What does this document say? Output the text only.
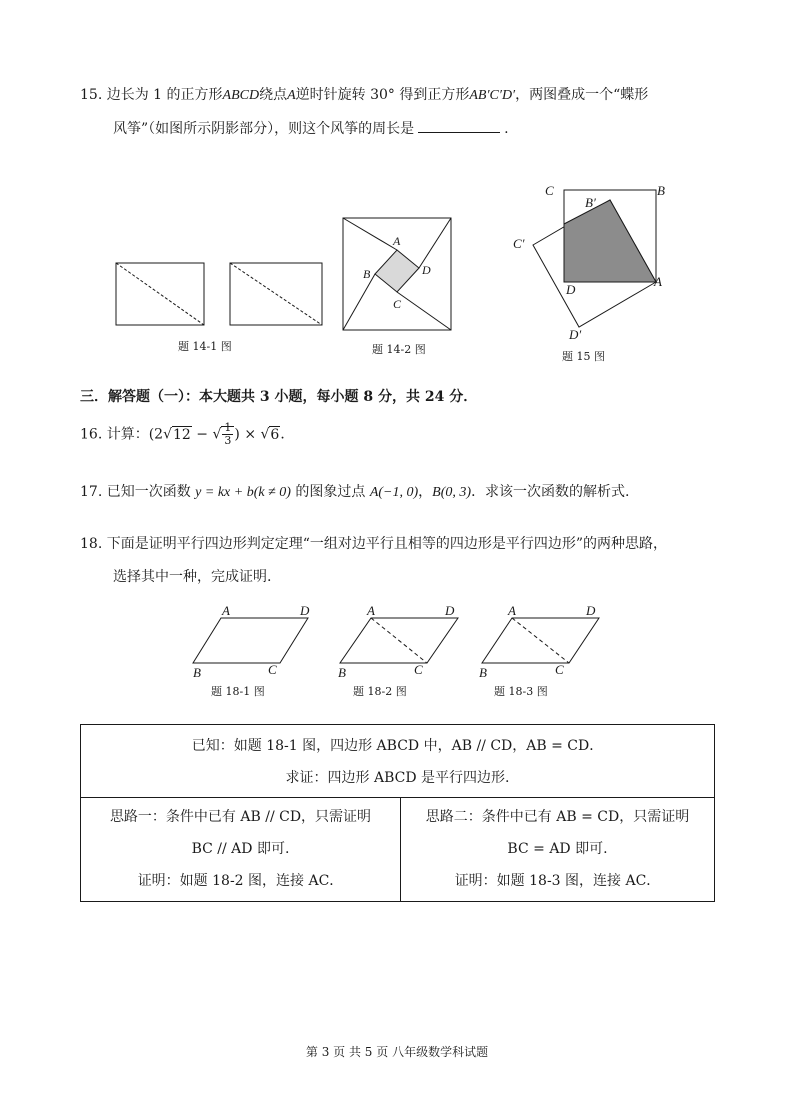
15. 边长为 1 的正方形ABCD绕点A逆时针旋转 30° 得到正方形AB′C′D′，两图叠成一个“蝶形
风筝”（如图所示阴影部分），则这个风筝的周长是	.
题 14-1 图
A
B
C
D
题 14-2 图
C
B′
B
C′
D
A
D′
题 15 图
三．解答题（一）：本大题共 3 小题，每小题 8 分，共 24 分．
16. 计算：(2√12 − √ $\frac{1}{3}$ ) × √6．
17. 已知一次函数 y = kx + b(k ≠ 0) 的图象过点 A(−1, 0)，B(0, 3)．求该一次函数的解析式.
18. 下面是证明平行四边形判定定理“一组对边平行且相等的四边形是平行四边形”的两种思路，
选择其中一种，完成证明.
A	D
B	C
题 18-1 图
A	D
B	C
题 18-2 图
A	D
B	C
题 18-3 图
已知：如题 18-1 图，四边形 ABCD 中，AB // CD，AB = CD．
求证：四边形 ABCD 是平行四边形.

思路一：条件中已有 AB // CD，只需证明
BC // AD 即可.
证明：如题 18-2 图，连接 AC．

思路二：条件中已有 AB = CD，只需证明
BC = AD 即可.
证明：如题 18-3 图，连接 AC．
第 3 页 共 5 页 八年级数学科试题
